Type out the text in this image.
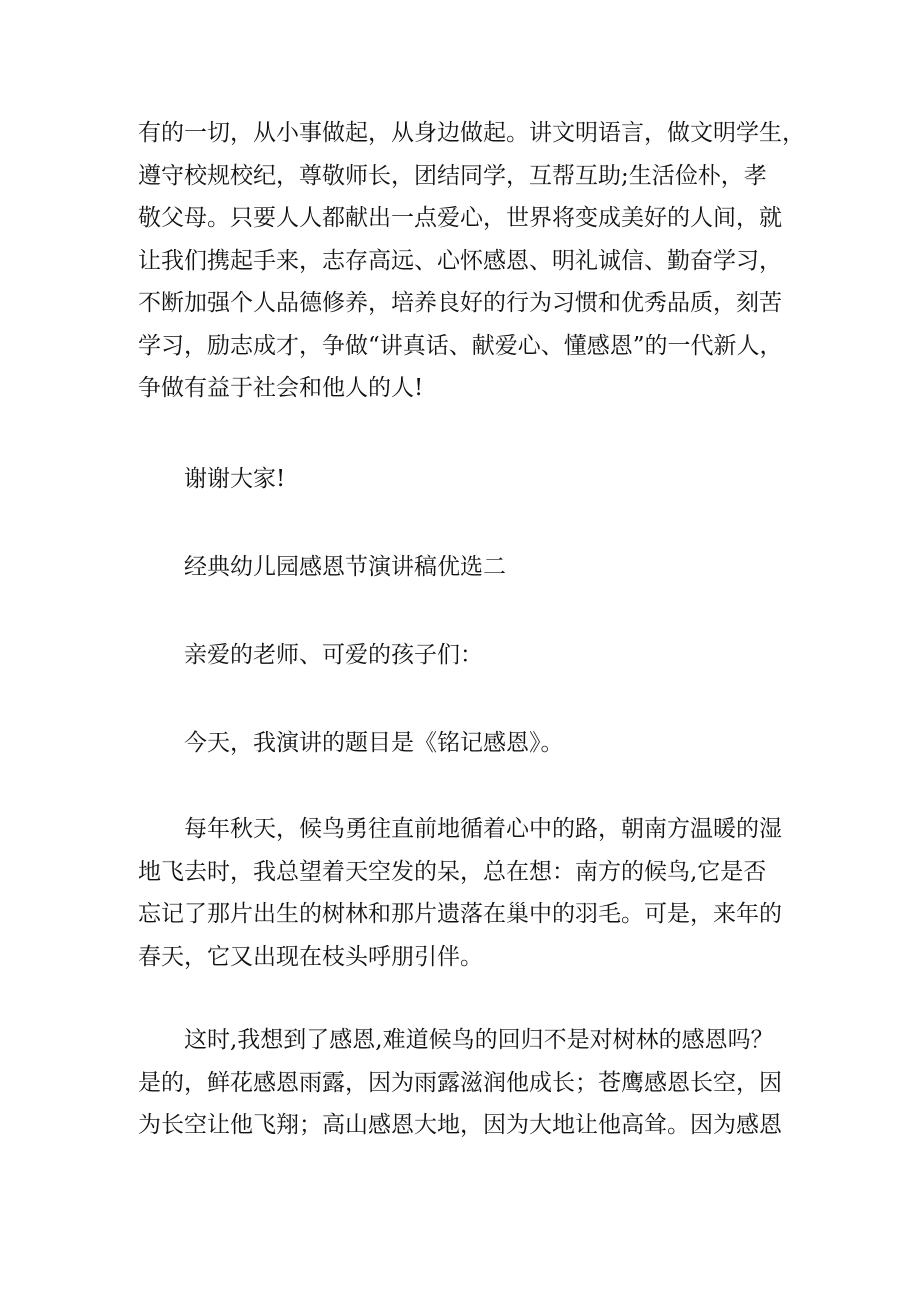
有的一切，从小事做起，从身边做起。讲文明语言，做文明学生，
遵守校规校纪，尊敬师长，团结同学，互帮互助;生活俭朴，孝
敬父母。只要人人都献出一点爱心，世界将变成美好的人间，就
让我们携起手来，志存高远、心怀感恩、明礼诚信、勤奋学习，
不断加强个人品德修养，培养良好的行为习惯和优秀品质，刻苦
学习，励志成才，争做“讲真话、献爱心、懂感恩”的一代新人，
争做有益于社会和他人的人!
谢谢大家!
经典幼儿园感恩节演讲稿优选二
亲爱的老师、可爱的孩子们：
今天，我演讲的题目是《铭记感恩》。
每年秋天，候鸟勇往直前地循着心中的路，朝南方温暖的湿
地飞去时，我总望着天空发的呆，总在想：南方的候鸟,它是否
忘记了那片出生的树林和那片遗落在巢中的羽毛。可是，来年的
春天，它又出现在枝头呼朋引伴。
这时,我想到了感恩,难道候鸟的回归不是对树林的感恩吗？
是的，鲜花感恩雨露，因为雨露滋润他成长；苍鹰感恩长空，因
为长空让他飞翔；高山感恩大地，因为大地让他高耸。因为感恩
